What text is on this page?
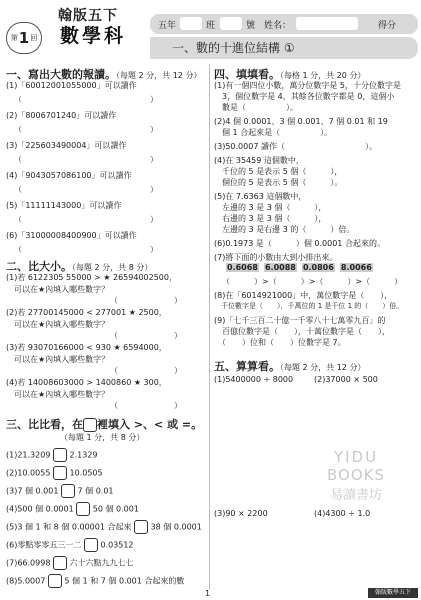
第 1 回
翰版五下
數學科	五年	班	號 姓名：	得分
一、數的十進位結構 ①
一、寫出大數的報讀。（每題 2 分，共 12 分）
(1)「60012001055000」可以讀作
（　　　　　　　　　　　　　　　　）
(2)「8006701240」可以讀作
（　　　　　　　　　　　　　　　　）
(3)「225603490004」可以讀作
（　　　　　　　　　　　　　　　　）
(4)「9043057086100」可以讀作
（　　　　　　　　　　　　　　　　）
(5)「11111143000」可以讀作
（　　　　　　　　　　　　　　　　）
(6)「31000008400900」可以讀作
（　　　　　　　　　　　　　　　　）
二、比大小。（每題 2 分，共 8 分）
(1)若 6122305 55000 > ★ 26594002500，
可以在★內填入哪些數字？
（　　　　　　　）
(2)若 27700145000 < 277001 ★ 2500，
可以在★內填入哪些數字？
（　　　　　　　）
(3)若 93070166000 < 930 ★ 6594000，
可以在★內填入哪些數字？
（　　　　　　　）
(4)若 14008603000 > 1400860 ★ 300，
可以在★內填入哪些數字？
（　　　　　　　）
三、比比看，在 裡填入 >、< 或 =。
（每題 1 分，共 8 分）
(1)21.3209 2.1329
(2)10.0055 10.0505
(3)7 個 0.001 7 個 0.01
(4)500 個 0.0001 50 個 0.001
(5)3 個 1 和 8 個 0.00001 合起來 38 個 0.0001
(6)零點零零五三一二 0.03512
(7)66.0998 六十六點九九七七
(8)5.0007 5 個 1 和 7 個 0.001 合起來的數
四、填填看。（每格 1 分，共 20 分）
(1)有一個四位小數，萬分位數字是 5，十分位數字是
　3，個位數字是 4，其餘各位數字都是 0，這個小
　數是（　　　　　）。
(2)4 個 0.0001、3 個 0.001、7 個 0.01 和 19
　個 1 合起來是（　　　　　）。
(3)50.0007 讀作（　　　　　　　　　　）。
(4)在 35459 這個數中，
　千位的 5 是表示 5 個（　　　），
　個位的 5 是表示 5 個（　　　）。
(5)在 7.6363 這個數中，
　左邊的 3 是 3 個（　　　），
　右邊的 3 是 3 個（　　　），
　左邊的 3 是右邊 3 的（　　　）倍。
(6)0.1973 是（　　　）個 0.0001 合起來的。
(7)將下面的小數由大到小排出來。
0.6068 6.0088 0.0806 8.0066
（　　　）>（　　　）>（　　　）>（　　　）
(8)在「6014921000」中，萬位數字是（　　），
　千位數字是（　　），千萬位的 1 是千位 1 的（　　）倍。
(9)「七千三百二十億一千零八十七萬零九百」的
　百億位數字是（　　），十萬位數字是（　　），
　（　　）位和（　　）位數字是 7。
五、算算看。（每題 2 分，共 12 分）
(1)5400000 ÷ 8000	(2)37000 × 500
(3)90 × 2200	(4)4300 ÷ 1.0
YIDU
BOOKS
易讀書坊
1	翰版數學五下
